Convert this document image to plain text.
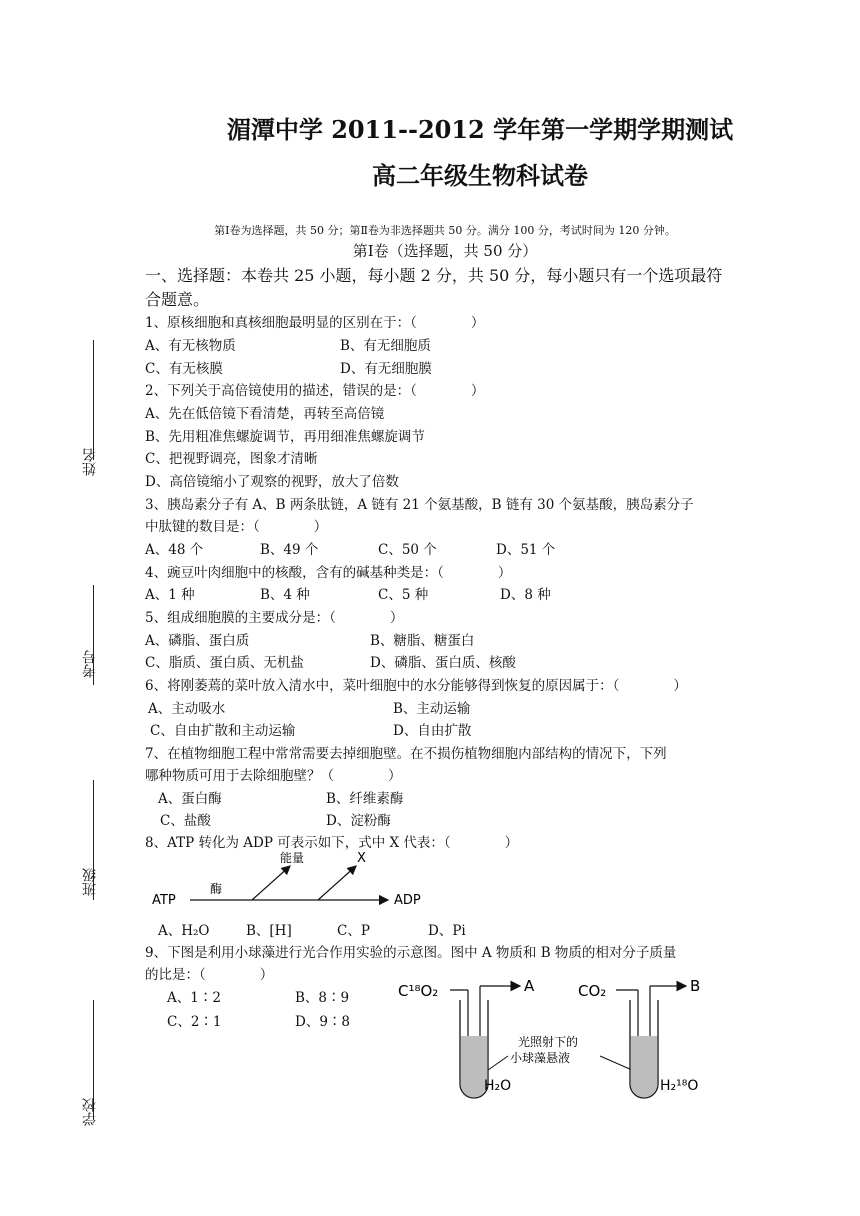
湄潭中学 2011--2012 学年第一学期学期测试
高二年级生物科试卷
第Ⅰ卷为选择题，共 50 分；第Ⅱ卷为非选择题共 50 分。满分 100 分，考试时间为 120 分钟。
第Ⅰ卷（选择题，共 50 分）
一、选择题：本卷共 25 小题，每小题 2 分，共 50 分，每小题只有一个选项最符合题意。
姓名
考号
班级
学校
1、原核细胞和真核细胞最明显的区别在于：（　　　　）
A、有无核物质	B、有无细胞质
C、有无核膜	D、有无细胞膜
2、下列关于高倍镜使用的描述，错误的是：（　　　　）
A、先在低倍镜下看清楚，再转至高倍镜
B、先用粗准焦螺旋调节，再用细准焦螺旋调节
C、把视野调亮，图象才清晰
D、高倍镜缩小了观察的视野，放大了倍数
3、胰岛素分子有 A、B 两条肽链，A 链有 21 个氨基酸，B 链有 30 个氨基酸，胰岛素分子
中肽键的数目是：（　　　　）
A、48 个	B、49 个	C、50 个	D、51 个
4、豌豆叶肉细胞中的核酸，含有的碱基种类是：（　　　　）
A、1 种	B、4 种	C、5 种	D、8 种
5、组成细胞膜的主要成分是：（　　　　）
A、磷脂、蛋白质	B、糖脂、糖蛋白
C、脂质、蛋白质、无机盐	D、磷脂、蛋白质、核酸
6、将刚萎蔫的菜叶放入清水中，菜叶细胞中的水分能够得到恢复的原因属于：（　　　　）
A、主动吸水	B、主动运输
C、自由扩散和主动运输	D、自由扩散
7、在植物细胞工程中常常需要去掉细胞壁。在不损伤植物细胞内部结构的情况下，下列
哪种物质可用于去除细胞壁？（　　　　）
A、蛋白酶	B、纤维素酶
C、盐酸	D、淀粉酶
8、ATP 转化为 ADP 可表示如下，式中 X 代表：（　　　　）
ATP
酶
能量	X
ADP
A、H₂O	B、[H]	C、P	D、Pi
9、下图是利用小球藻进行光合作用实验的示意图。图中 A 物质和 B 物质的相对分子质量
的比是：（　　　　）
A、1∶2	B、8∶9
C、2∶1	D、9∶8
C¹⁸O₂	A
H₂O
光照射下的
小球藻悬液
CO₂	B
H₂¹⁸O
